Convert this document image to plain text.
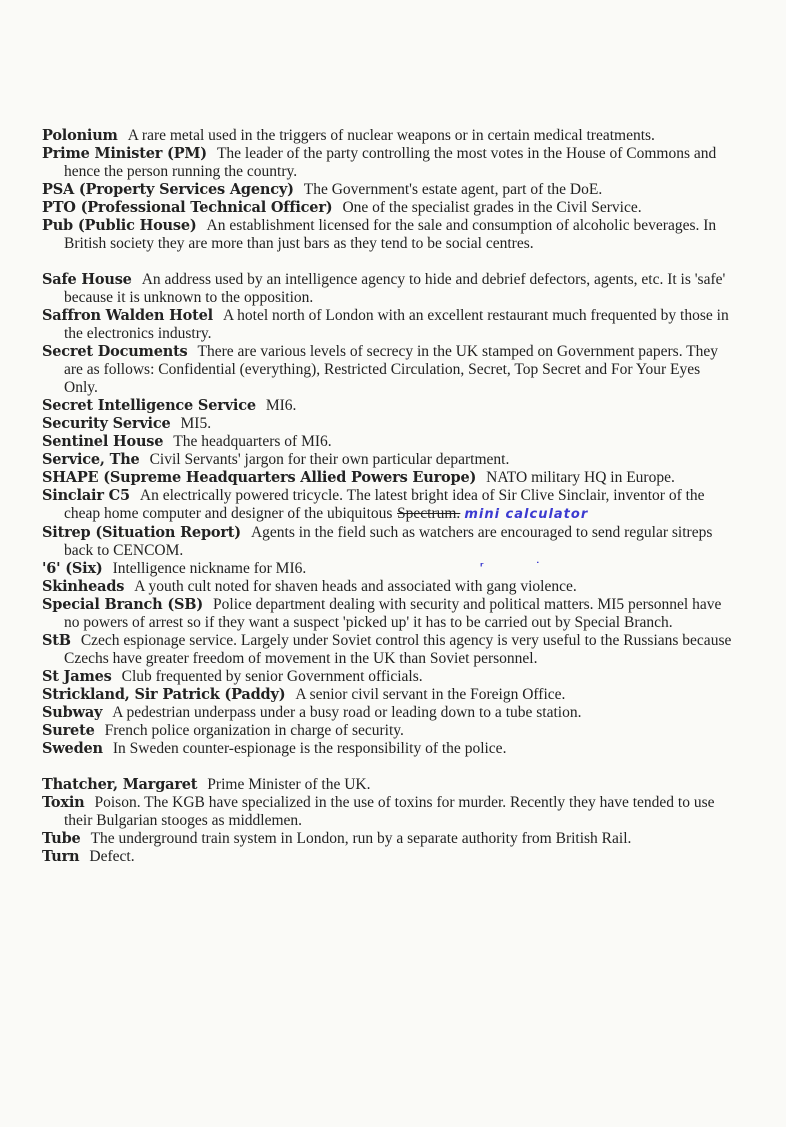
Polonium A rare metal used in the triggers of nuclear weapons or in certain medical treatments.

Prime Minister (PM) The leader of the party controlling the most votes in the House of Commons and hence the person running the country.

PSA (Property Services Agency) The Government's estate agent, part of the DoE.

PTO (Professional Technical Officer) One of the specialist grades in the Civil Service.

Pub (Public House) An establishment licensed for the sale and consumption of alcoholic beverages. In British society they are more than just bars as they tend to be social centres.

Safe House An address used by an intelligence agency to hide and debrief defectors, agents, etc. It is 'safe' because it is unknown to the opposition.

Saffron Walden Hotel A hotel north of London with an excellent restaurant much frequented by those in the electronics industry.

Secret Documents There are various levels of secrecy in the UK stamped on Government papers. They are as follows: Confidential (everything), Restricted Circulation, Secret, Top Secret and For Your Eyes Only.

Secret Intelligence Service MI6.

Security Service MI5.

Sentinel House The headquarters of MI6.

Service, The Civil Servants' jargon for their own particular department.

SHAPE (Supreme Headquarters Allied Powers Europe) NATO military HQ in Europe.

Sinclair C5 An electrically powered tricycle. The latest bright idea of Sir Clive Sinclair, inventor of the cheap home computer and designer of the ubiquitous Spectrum. mini calculator

Sitrep (Situation Report) Agents in the field such as watchers are encouraged to send regular sitreps back to CENCOM.

'6' (Six) Intelligence nickname for MI6.

Skinheads A youth cult noted for shaven heads and associated with gang violence.

Special Branch (SB) Police department dealing with security and political matters. MI5 personnel have no powers of arrest so if they want a suspect 'picked up' it has to be carried out by Special Branch.

StB Czech espionage service. Largely under Soviet control this agency is very useful to the Russians because Czechs have greater freedom of movement in the UK than Soviet personnel.

St James Club frequented by senior Government officials.

Strickland, Sir Patrick (Paddy) A senior civil servant in the Foreign Office.

Subway A pedestrian underpass under a busy road or leading down to a tube station.

Surete French police organization in charge of security.

Sweden In Sweden counter-espionage is the responsibility of the police.

Thatcher, Margaret Prime Minister of the UK.

Toxin Poison. The KGB have specialized in the use of toxins for murder. Recently they have tended to use their Bulgarian stooges as middlemen.

Tube The underground train system in London, run by a separate authority from British Rail.

Turn Defect.

ʳ	˙
